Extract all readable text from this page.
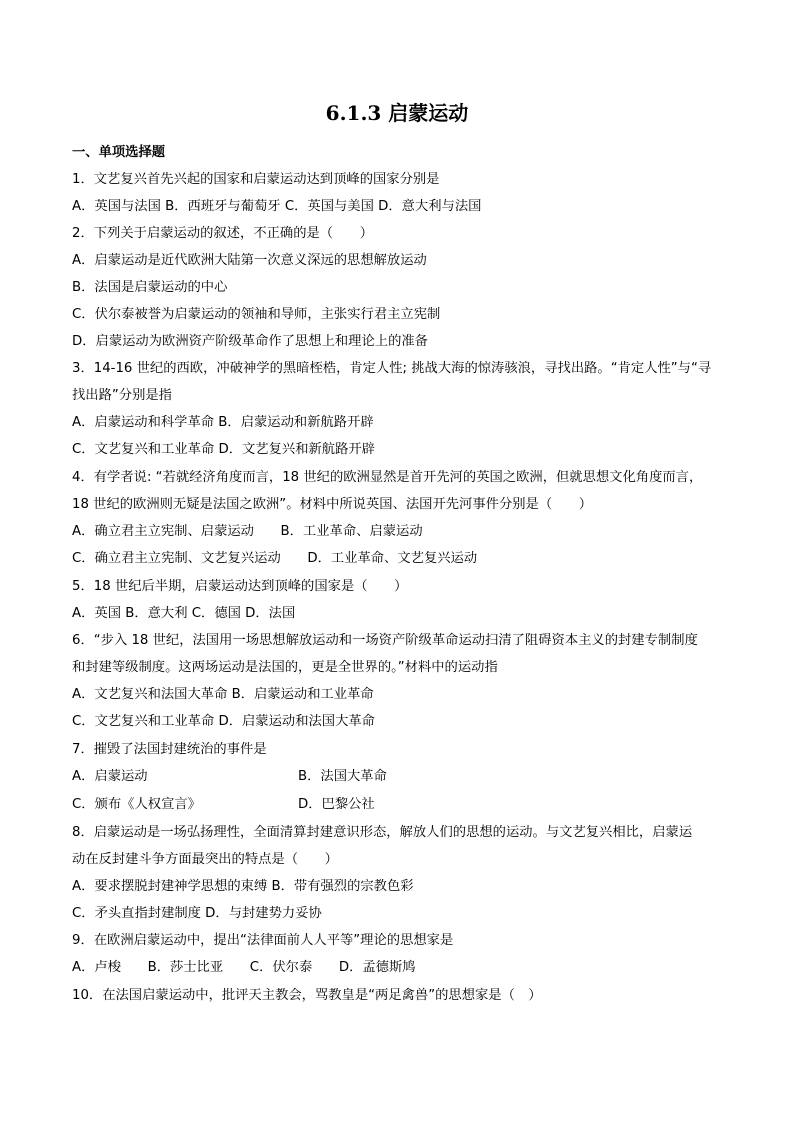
6.1.3 启蒙运动
一、单项选择题
1．文艺复兴首先兴起的国家和启蒙运动达到顶峰的国家分别是
A．英国与法国 B．西班牙与葡萄牙 C．英国与美国 D．意大利与法国
2．下列关于启蒙运动的叙述，不正确的是（　　）
A．启蒙运动是近代欧洲大陆第一次意义深远的思想解放运动
B．法国是启蒙运动的中心
C．伏尔泰被誉为启蒙运动的领袖和导师，主张实行君主立宪制
D．启蒙运动为欧洲资产阶级革命作了思想上和理论上的准备
3．14-16 世纪的西欧，冲破神学的黑暗桎梏，肯定人性; 挑战大海的惊涛骇浪，寻找出路。“肯定人性”与“寻
找出路”分别是指
A．启蒙运动和科学革命 B．启蒙运动和新航路开辟
C．文艺复兴和工业革命 D．文艺复兴和新航路开辟
4．有学者说: “若就经济角度而言，18 世纪的欧洲显然是首开先河的英国之欧洲，但就思想文化角度而言，
18 世纪的欧洲则无疑是法国之欧洲”。材料中所说英国、法国开先河事件分别是（　　）
A．确立君主立宪制、启蒙运动　　B．工业革命、启蒙运动
C．确立君主立宪制、文艺复兴运动　　D．工业革命、文艺复兴运动
5．18 世纪后半期，启蒙运动达到顶峰的国家是（　　）
A．英国 B．意大利 C．德国 D．法国
6．“步入 18 世纪，法国用一场思想解放运动和一场资产阶级革命运动扫清了阻碍资本主义的封建专制制度
和封建等级制度。这两场运动是法国的，更是全世界的。”材料中的运动指
A．文艺复兴和法国大革命 B．启蒙运动和工业革命
C．文艺复兴和工业革命 D．启蒙运动和法国大革命
7．摧毁了法国封建统治的事件是
A．启蒙运动	B．法国大革命
C．颁布《人权宣言》	D．巴黎公社
8．启蒙运动是一场弘扬理性，全面清算封建意识形态，解放人们的思想的运动。与文艺复兴相比，启蒙运
动在反封建斗争方面最突出的特点是（　　）
A．要求摆脱封建神学思想的束缚 B．带有强烈的宗教色彩
C．矛头直指封建制度 D．与封建势力妥协
9．在欧洲启蒙运动中，提出“法律面前人人平等”理论的思想家是
A．卢梭　　B．莎士比亚　　C．伏尔泰　　D．孟德斯鸠
10．在法国启蒙运动中，批评天主教会，骂教皇是“两足禽兽”的思想家是（　）
